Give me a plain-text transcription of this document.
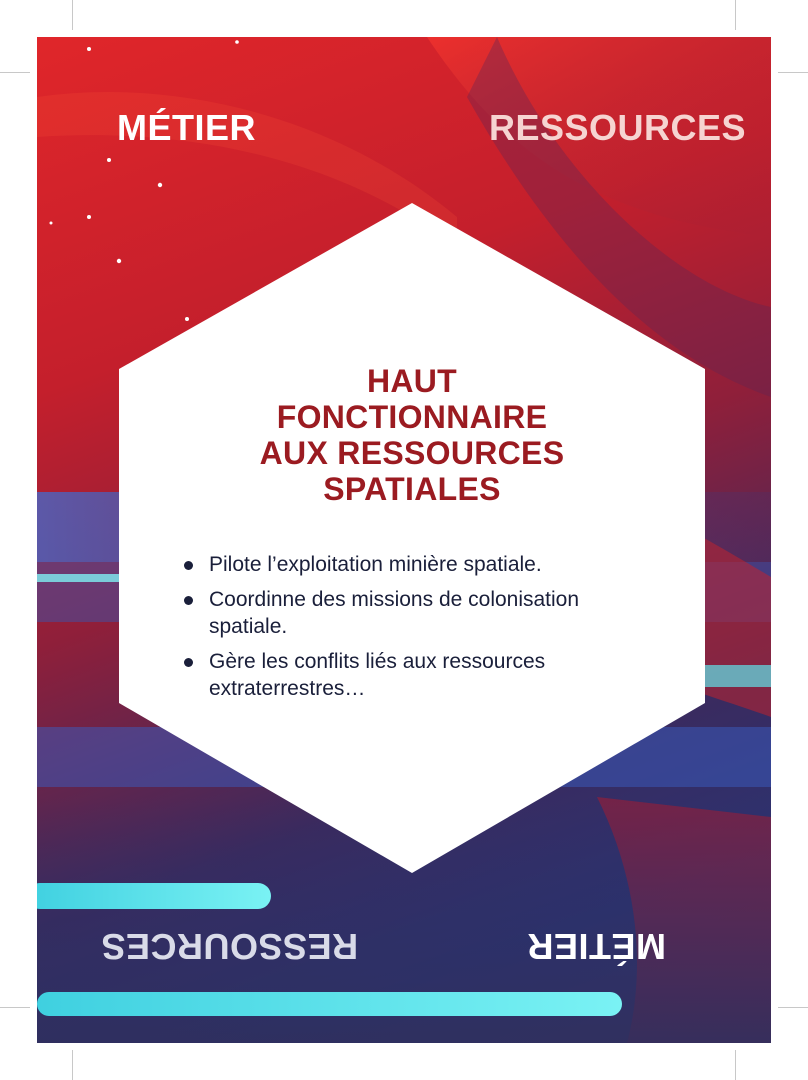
MÉTIER	RESSOURCES
RESSOURCES	MÉTIER
HAUT
FONCTIONNAIRE
AUX RESSOURCES
SPATIALES
Pilote l’exploitation minière spatiale.
Coordinne des missions de colonisation spatiale.
Gère les conflits liés aux ressources extraterrestres…
